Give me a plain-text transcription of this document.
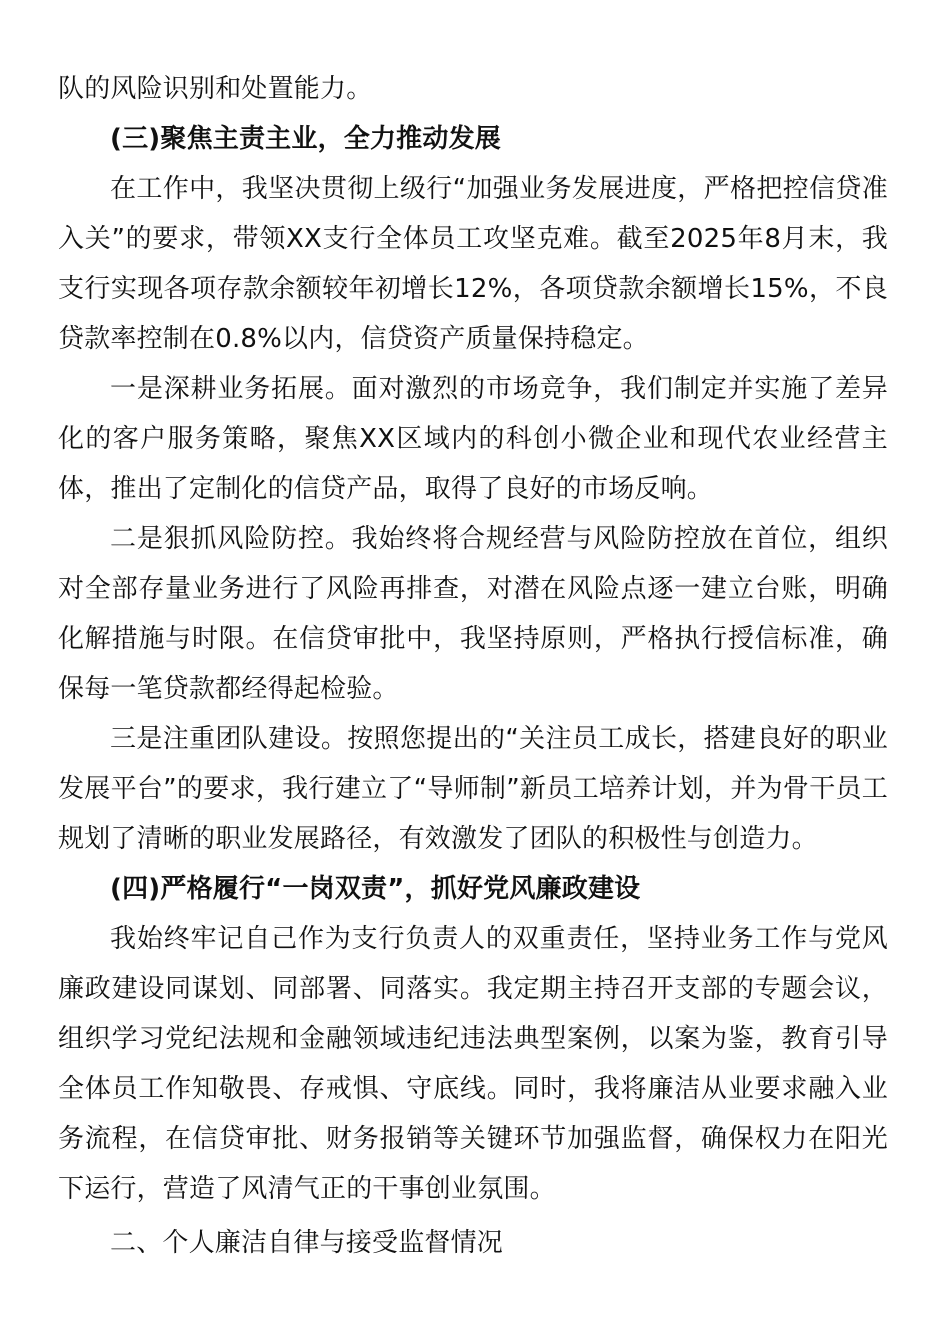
队的风险识别和处置能力。

(三)聚焦主责主业，全力推动发展

在工作中，我坚决贯彻上级行“加强业务发展进度，严格把控信贷准入关”的要求，带领XX支行全体员工攻坚克难。截至2025年8月末，我支行实现各项存款余额较年初增长12%，各项贷款余额增长15%，不良贷款率控制在0.8%以内，信贷资产质量保持稳定。

一是深耕业务拓展。面对激烈的市场竞争，我们制定并实施了差异化的客户服务策略，聚焦XX区域内的科创小微企业和现代农业经营主体，推出了定制化的信贷产品，取得了良好的市场反响。

二是狠抓风险防控。我始终将合规经营与风险防控放在首位，组织对全部存量业务进行了风险再排查，对潜在风险点逐一建立台账，明确化解措施与时限。在信贷审批中，我坚持原则，严格执行授信标准，确保每一笔贷款都经得起检验。

三是注重团队建设。按照您提出的“关注员工成长，搭建良好的职业发展平台”的要求，我行建立了“导师制”新员工培养计划，并为骨干员工规划了清晰的职业发展路径，有效激发了团队的积极性与创造力。

(四)严格履行“一岗双责”，抓好党风廉政建设

我始终牢记自己作为支行负责人的双重责任，坚持业务工作与党风廉政建设同谋划、同部署、同落实。我定期主持召开支部的专题会议，组织学习党纪法规和金融领域违纪违法典型案例，以案为鉴，教育引导全体员工作知敬畏、存戒惧、守底线。同时，我将廉洁从业要求融入业务流程，在信贷审批、财务报销等关键环节加强监督，确保权力在阳光下运行，营造了风清气正的干事创业氛围。

二、个人廉洁自律与接受监督情况
